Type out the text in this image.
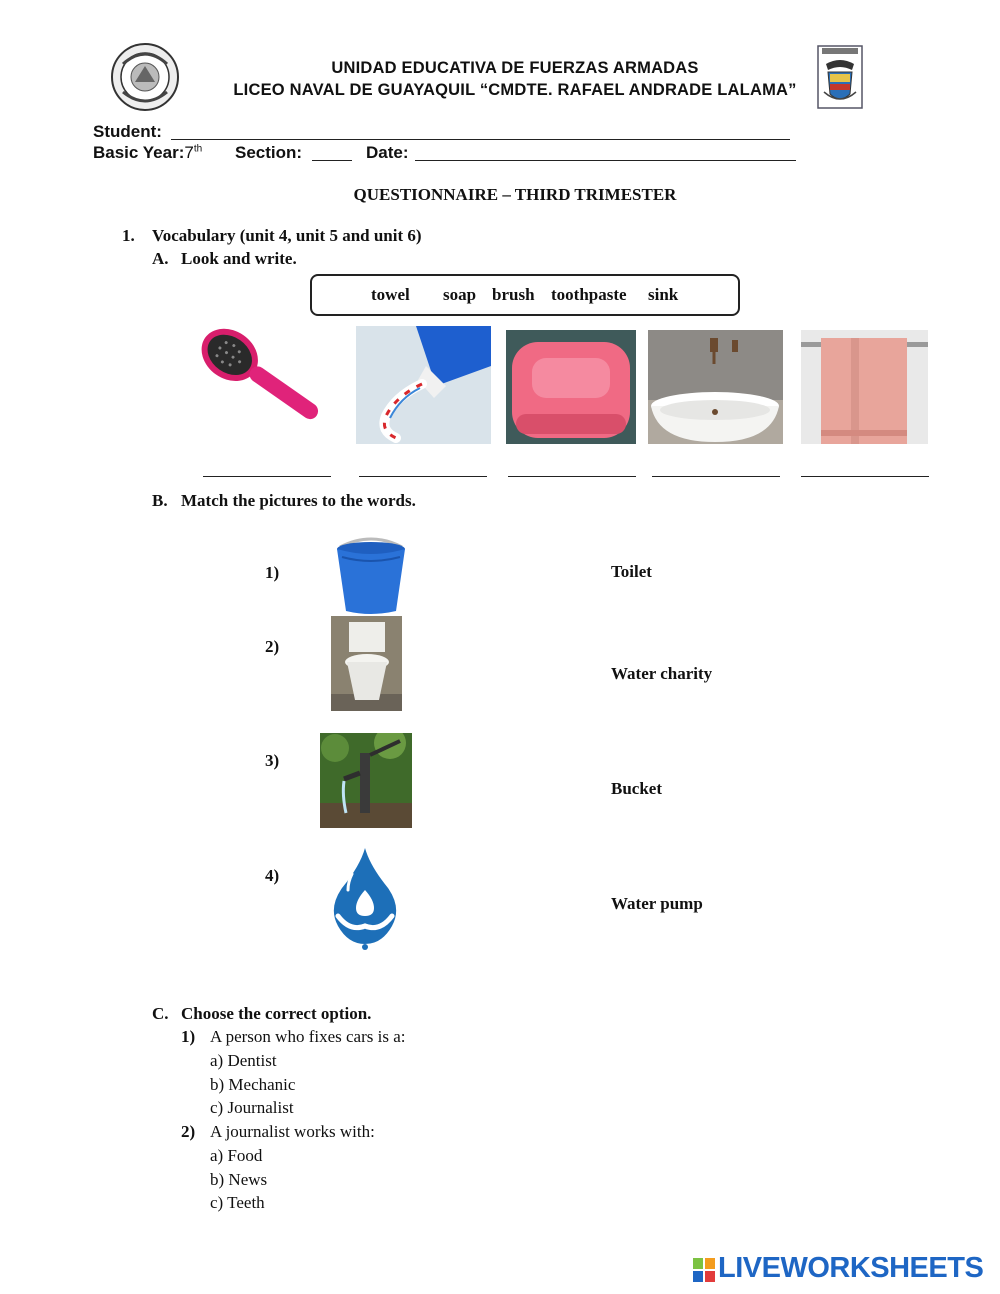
UNIDAD EDUCATIVA DE FUERZAS ARMADAS
LICEO NAVAL DE GUAYAQUIL “CMDTE. RAFAEL ANDRADE LALAMA”
Student:
Basic Year:7th Section:	Date:
QUESTIONNAIRE – THIRD TRIMESTER
1. Vocabulary (unit 4, unit 5 and unit 6)
A. Look and write.
towel soap brush toothpaste sink
B. Match the pictures to the words.
1)
2)
3)
4)
Toilet
Water charity
Bucket
Water pump
C. Choose the correct option.
1) A person who fixes cars is a:
a) Dentist
b) Mechanic
c) Journalist
2) A journalist works with:
a) Food
b) News
c) Teeth
LIVEWORKSHEETS
